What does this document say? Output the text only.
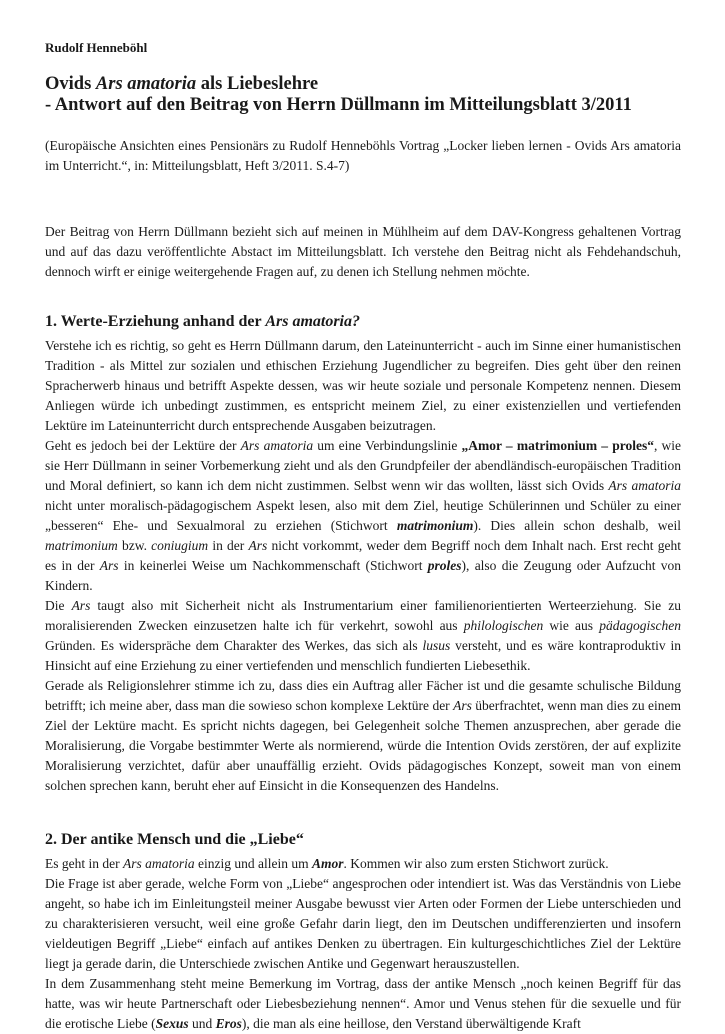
Rudolf Henneböhl
Ovids Ars amatoria als Liebeslehre
- Antwort auf den Beitrag von Herrn Düllmann im Mitteilungsblatt 3/2011

(Europäische Ansichten eines Pensionärs zu Rudolf Hennebӧhls Vortrag „Locker lieben lernen - Ovids Ars amatoria im Unterricht.“, in: Mitteilungsblatt, Heft 3/2011. S.4-7)

Der Beitrag von Herrn Düllmann bezieht sich auf meinen in Mühlheim auf dem DAV-Kongress gehaltenen Vortrag und auf das dazu veröffentlichte Abstact im Mitteilungsblatt. Ich verstehe den Beitrag nicht als Fehdehandschuh, dennoch wirft er einige weitergehende Fragen auf, zu denen ich Stellung nehmen möchte.

1. Werte-Erziehung anhand der Ars amatoria?

Verstehe ich es richtig, so geht es Herrn Düllmann darum, den Lateinunterricht - auch im Sinne einer humanistischen Tradition - als Mittel zur sozialen und ethischen Erziehung Jugendlicher zu begreifen. Dies geht über den reinen Spracherwerb hinaus und betrifft Aspekte dessen, was wir heute soziale und personale Kompetenz nennen. Diesem Anliegen würde ich unbedingt zustimmen, es entspricht meinem Ziel, zu einer existenziellen und vertiefenden Lektüre im Lateinunterricht durch entsprechende Ausgaben beizutragen.

Geht es jedoch bei der Lektüre der Ars amatoria um eine Verbindungslinie „Amor – matrimonium – proles“, wie sie Herr Düllmann in seiner Vorbemerkung zieht und als den Grundpfeiler der abendländisch-europäischen Tradition und Moral definiert, so kann ich dem nicht zustimmen. Selbst wenn wir das wollten, lässt sich Ovids Ars amatoria nicht unter moralisch-pädagogischem Aspekt lesen, also mit dem Ziel, heutige Schülerinnen und Schüler zu einer „besseren“ Ehe- und Sexualmoral zu erziehen (Stichwort matrimonium). Dies allein schon deshalb, weil matrimonium bzw. coniugium in der Ars nicht vorkommt, weder dem Begriff noch dem Inhalt nach. Erst recht geht es in der Ars in keinerlei Weise um Nachkommenschaft (Stichwort proles), also die Zeugung oder Aufzucht von Kindern.

Die Ars taugt also mit Sicherheit nicht als Instrumentarium einer familienorientierten Werteerziehung. Sie zu moralisierenden Zwecken einzusetzen halte ich für verkehrt, sowohl aus philologischen wie aus pädagogischen Gründen. Es widerspräche dem Charakter des Werkes, das sich als lusus versteht, und es wäre kontraproduktiv in Hinsicht auf eine Erziehung zu einer vertiefenden und menschlich fundierten Liebesethik.

Gerade als Religionslehrer stimme ich zu, dass dies ein Auftrag aller Fächer ist und die gesamte schulische Bildung betrifft; ich meine aber, dass man die sowieso schon komplexe Lektüre der Ars überfrachtet, wenn man dies zu einem Ziel der Lektüre macht. Es spricht nichts dagegen, bei Gelegenheit solche Themen anzusprechen, aber gerade die Moralisierung, die Vorgabe bestimmter Werte als normierend, würde die Intention Ovids zerstören, der auf explizite Moralisierung verzichtet, dafür aber unauffällig erzieht. Ovids pädagogisches Konzept, soweit man von einem solchen sprechen kann, beruht eher auf Einsicht in die Konsequenzen des Handelns.

2. Der antike Mensch und die „Liebe“

Es geht in der Ars amatoria einzig und allein um Amor. Kommen wir also zum ersten Stichwort zurück.

Die Frage ist aber gerade, welche Form von „Liebe“ angesprochen oder intendiert ist. Was das Verständnis von Liebe angeht, so habe ich im Einleitungsteil meiner Ausgabe bewusst vier Arten oder Formen der Liebe unterschieden und zu charakterisieren versucht, weil eine große Gefahr darin liegt, den im Deutschen undifferenzierten und insofern vieldeutigen Begriff „Liebe“ einfach auf antikes Denken zu übertragen. Ein kulturgeschichtliches Ziel der Lektüre liegt ja gerade darin, die Unterschiede zwischen Antike und Gegenwart herauszustellen.

In dem Zusammenhang steht meine Bemerkung im Vortrag, dass der antike Mensch „noch keinen Begriff für das hatte, was wir heute Partnerschaft oder Liebesbeziehung nennen“. Amor und Venus stehen für die sexuelle und für die erotische Liebe (Sexus und Eros), die man als eine heillose, den Verstand überwältigende Kraft
